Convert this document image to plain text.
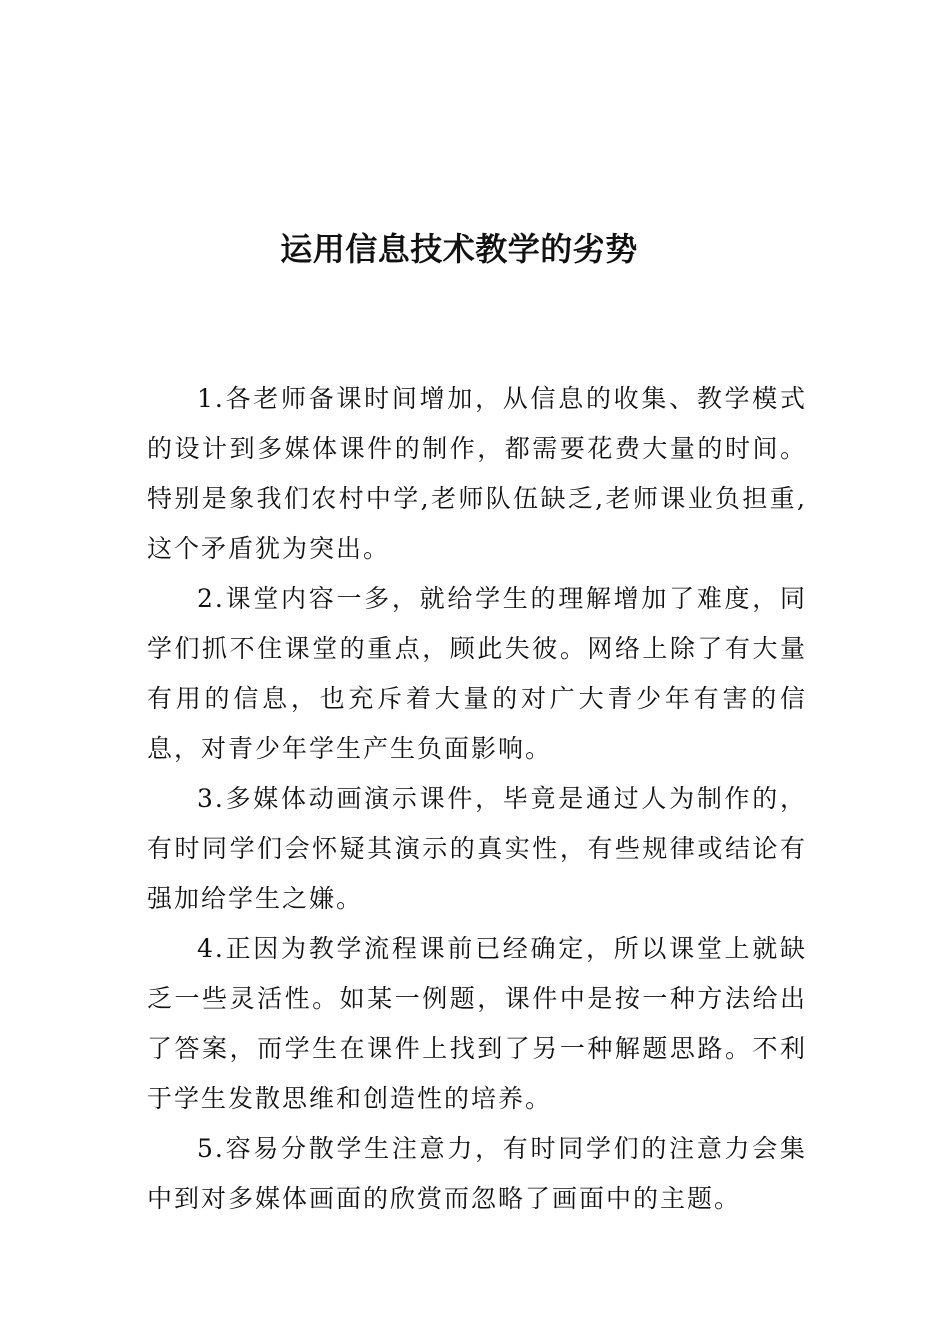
运用信息技术教学的劣势

1.各老师备课时间增加，从信息的收集、教学模式的设计到多媒体课件的制作，都需要花费大量的时间。特别是象我们农村中学,老师队伍缺乏,老师课业负担重,这个矛盾犹为突出。

2.课堂内容一多，就给学生的理解增加了难度，同学们抓不住课堂的重点，顾此失彼。网络上除了有大量有用的信息，也充斥着大量的对广大青少年有害的信息，对青少年学生产生负面影响。

3.多媒体动画演示课件，毕竟是通过人为制作的，有时同学们会怀疑其演示的真实性，有些规律或结论有强加给学生之嫌。

4.正因为教学流程课前已经确定，所以课堂上就缺乏一些灵活性。如某一例题，课件中是按一种方法给出了答案，而学生在课件上找到了另一种解题思路。不利于学生发散思维和创造性的培养。

5.容易分散学生注意力，有时同学们的注意力会集中到对多媒体画面的欣赏而忽略了画面中的主题。
